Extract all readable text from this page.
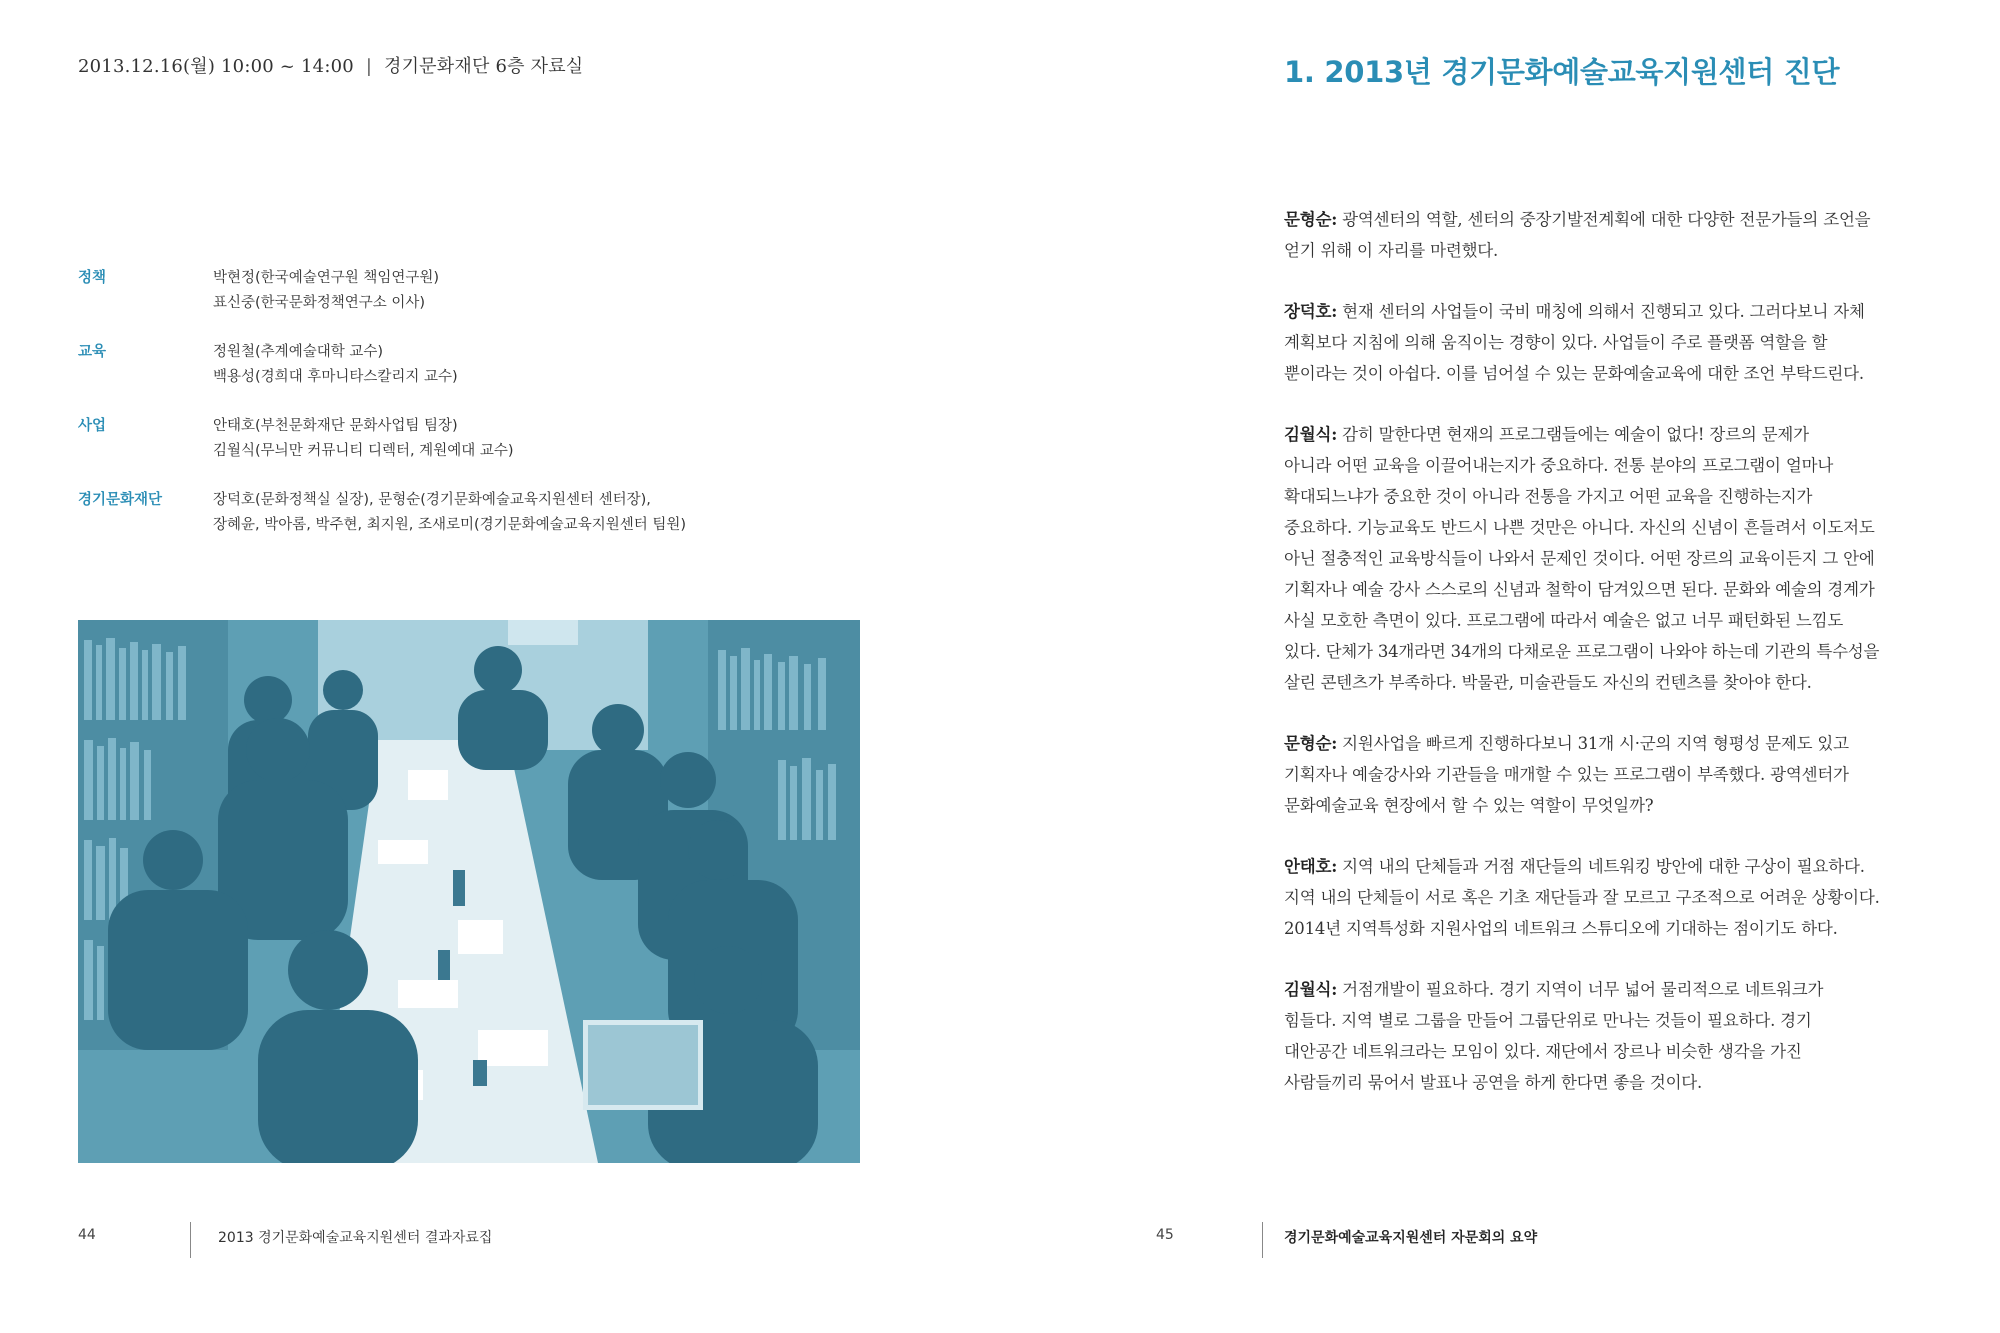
2013.12.16(월) 10:00 ~ 14:00 | 경기문화재단 6층 자료실
정책	박현정(한국예술연구원 책임연구원)
표신중(한국문화정책연구소 이사)
교육	정원철(추계예술대학 교수)
백용성(경희대 후마니타스칼리지 교수)
사업	안태호(부천문화재단 문화사업팀 팀장)
김월식(무늬만 커뮤니티 디렉터, 계원예대 교수)
경기문화재단	장덕호(문화정책실 실장), 문형순(경기문화예술교육지원센터 센터장),
장혜윤, 박아롬, 박주현, 최지원, 조새로미(경기문화예술교육지원센터 팀원)
44	2013 경기문화예술교육지원센터 결과자료집
1. 2013년 경기문화예술교육지원센터 진단
문형순: 광역센터의 역할, 센터의 중장기발전계획에 대한 다양한 전문가들의 조언을
얻기 위해 이 자리를 마련했다.
장덕호: 현재 센터의 사업들이 국비 매칭에 의해서 진행되고 있다. 그러다보니 자체
계획보다 지침에 의해 움직이는 경향이 있다. 사업들이 주로 플랫폼 역할을 할
뿐이라는 것이 아쉽다. 이를 넘어설 수 있는 문화예술교육에 대한 조언 부탁드린다.
김월식: 감히 말한다면 현재의 프로그램들에는 예술이 없다! 장르의 문제가
아니라 어떤 교육을 이끌어내는지가 중요하다. 전통 분야의 프로그램이 얼마나
확대되느냐가 중요한 것이 아니라 전통을 가지고 어떤 교육을 진행하는지가
중요하다. 기능교육도 반드시 나쁜 것만은 아니다. 자신의 신념이 흔들려서 이도저도
아닌 절충적인 교육방식들이 나와서 문제인 것이다. 어떤 장르의 교육이든지 그 안에
기획자나 예술 강사 스스로의 신념과 철학이 담겨있으면 된다. 문화와 예술의 경계가
사실 모호한 측면이 있다. 프로그램에 따라서 예술은 없고 너무 패턴화된 느낌도
있다. 단체가 34개라면 34개의 다채로운 프로그램이 나와야 하는데 기관의 특수성을
살린 콘텐츠가 부족하다. 박물관, 미술관들도 자신의 컨텐츠를 찾아야 한다.
문형순: 지원사업을 빠르게 진행하다보니 31개 시·군의 지역 형평성 문제도 있고
기획자나 예술강사와 기관들을 매개할 수 있는 프로그램이 부족했다. 광역센터가
문화예술교육 현장에서 할 수 있는 역할이 무엇일까?
안태호: 지역 내의 단체들과 거점 재단들의 네트워킹 방안에 대한 구상이 필요하다.
지역 내의 단체들이 서로 혹은 기초 재단들과 잘 모르고 구조적으로 어려운 상황이다.
2014년 지역특성화 지원사업의 네트워크 스튜디오에 기대하는 점이기도 하다.
김월식: 거점개발이 필요하다. 경기 지역이 너무 넓어 물리적으로 네트워크가
힘들다. 지역 별로 그룹을 만들어 그룹단위로 만나는 것들이 필요하다. 경기
대안공간 네트워크라는 모임이 있다. 재단에서 장르나 비슷한 생각을 가진
사람들끼리 묶어서 발표나 공연을 하게 한다면 좋을 것이다.
45	경기문화예술교육지원센터 자문회의 요약
